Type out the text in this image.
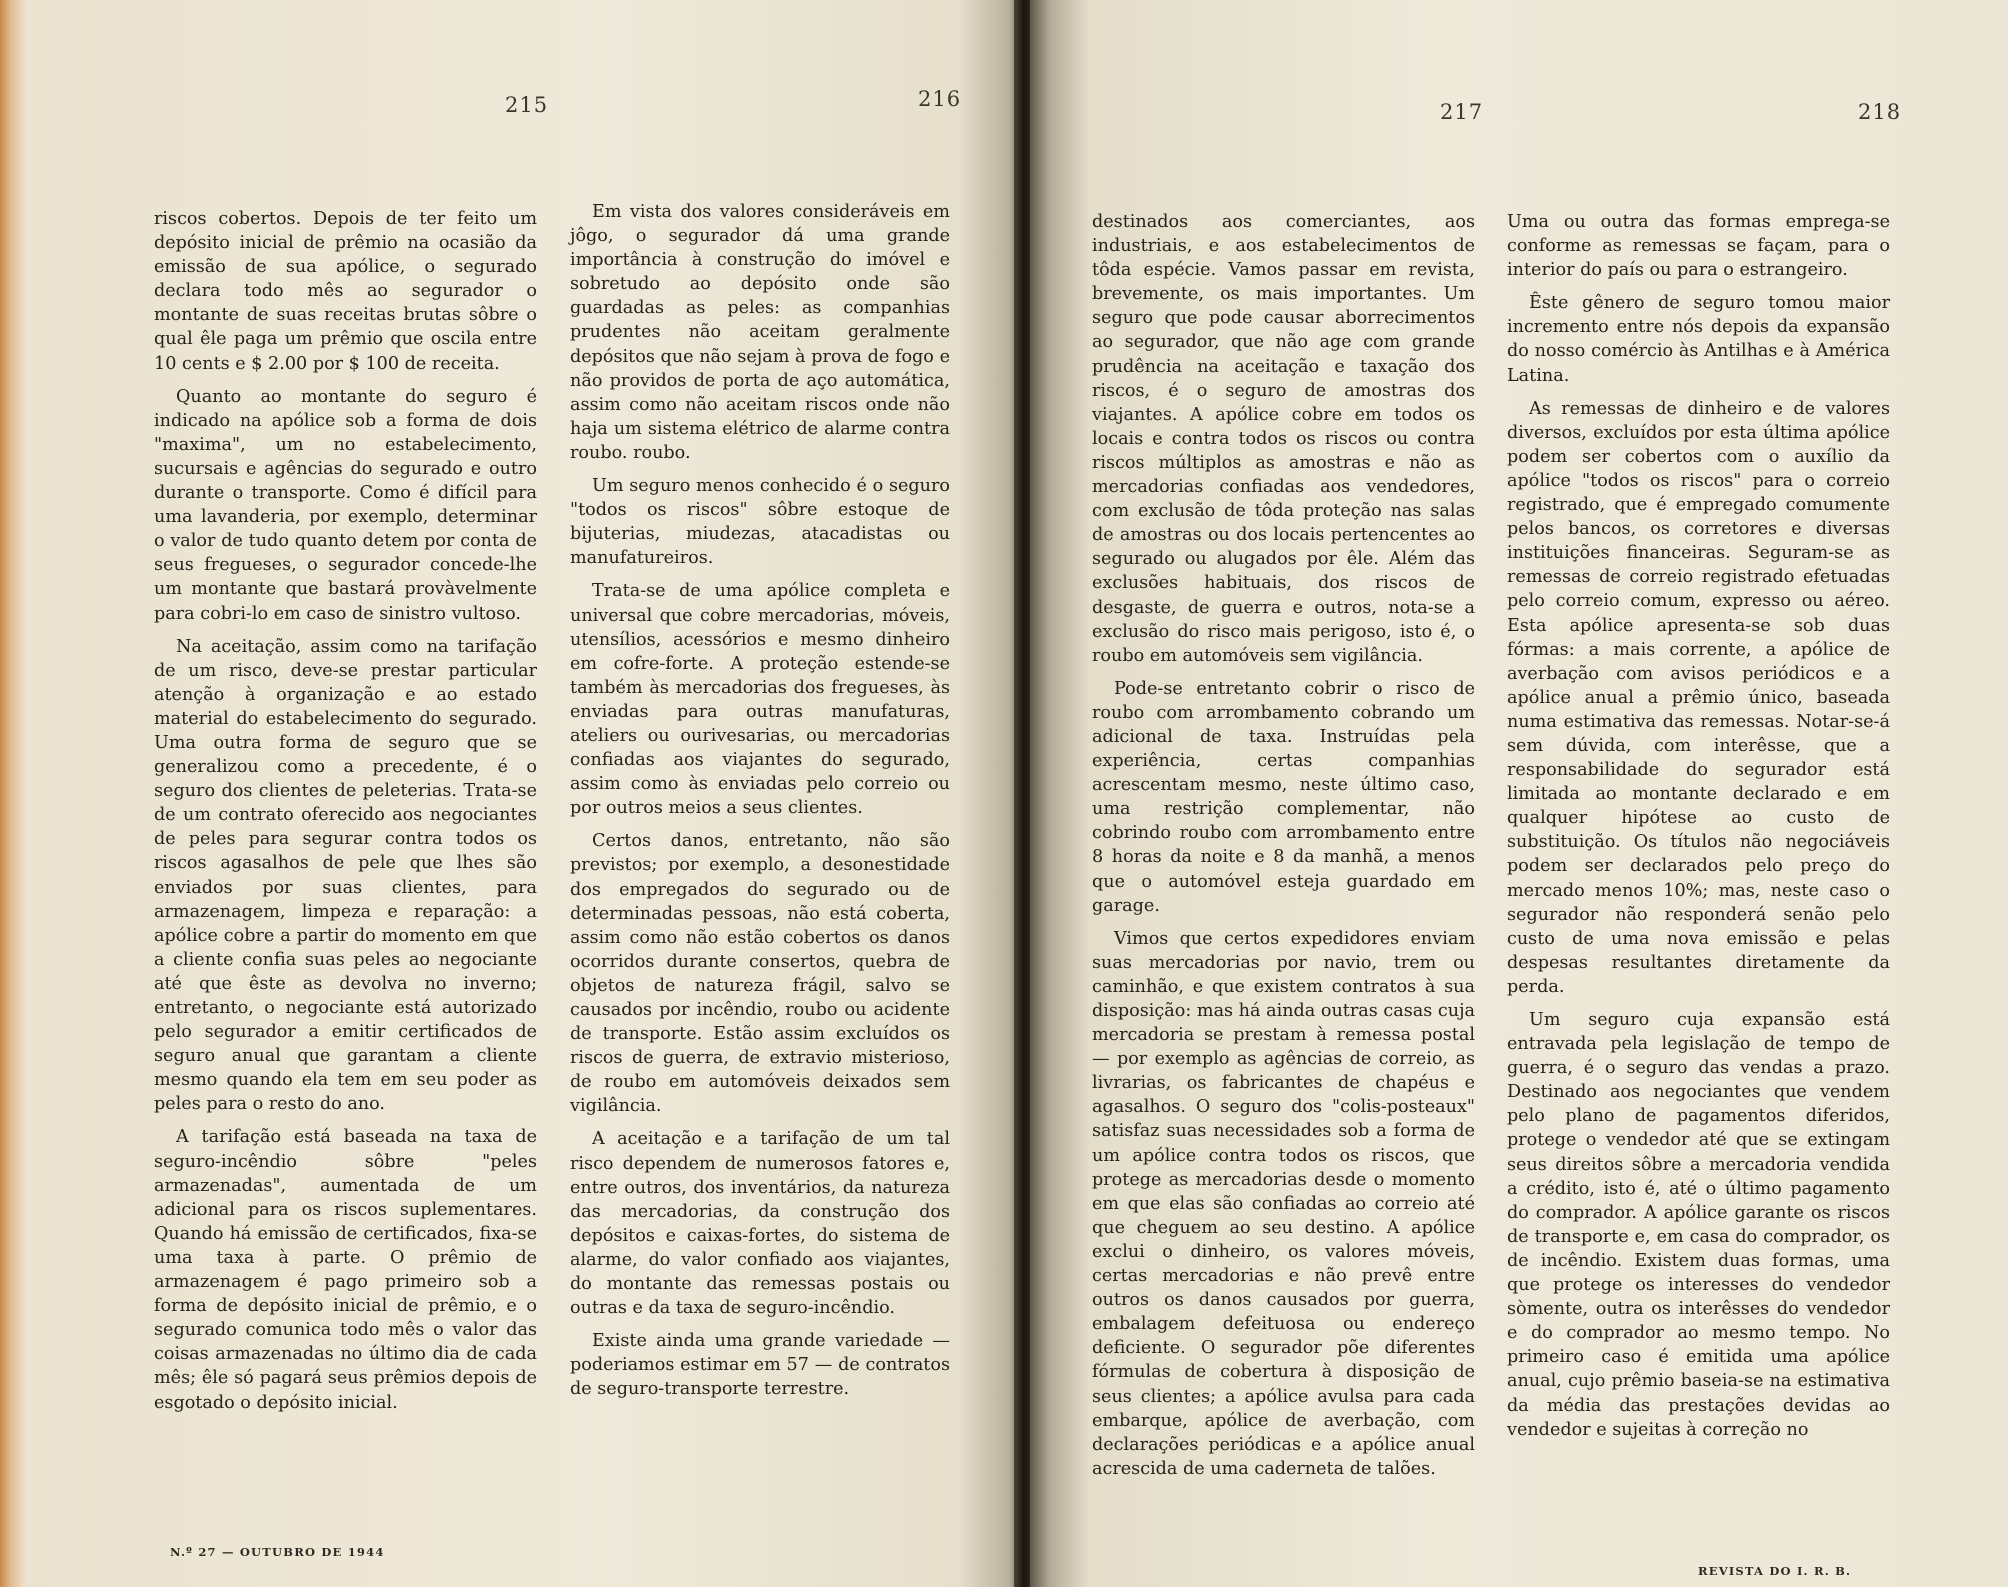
215	216

riscos cobertos. Depois de ter feito um depósito inicial de prêmio na ocasião da emissão de sua apólice, o segurado declara todo mês ao segurador o montante de suas receitas brutas sôbre o qual êle paga um prêmio que oscila entre 10 cents e $ 2.00 por $ 100 de receita.

Quanto ao montante do seguro é indicado na apólice sob a forma de dois "maxima", um no estabelecimento, sucursais e agências do segurado e outro durante o transporte. Como é difícil para uma lavanderia, por exemplo, determinar o valor de tudo quanto detem por conta de seus fregueses, o segurador concede-lhe um montante que bastará provàvelmente para cobri-lo em caso de sinistro vultoso.

Na aceitação, assim como na tarifação de um risco, deve-se prestar particular atenção à organização e ao estado material do estabelecimento do segurado. Uma outra forma de seguro que se generalizou como a precedente, é o seguro dos clientes de peleterias. Trata-se de um contrato oferecido aos negociantes de peles para segurar contra todos os riscos agasalhos de pele que lhes são enviados por suas clientes, para armazenagem, limpeza e reparação: a apólice cobre a partir do momento em que a cliente confia suas peles ao negociante até que êste as devolva no inverno; entretanto, o negociante está autorizado pelo segurador a emitir certificados de seguro anual que garantam a cliente mesmo quando ela tem em seu poder as peles para o resto do ano.

A tarifação está baseada na taxa de seguro-incêndio sôbre "peles armazenadas", aumentada de um adicional para os riscos suplementares. Quando há emissão de certificados, fixa-se uma taxa à parte. O prêmio de armazenagem é pago primeiro sob a forma de depósito inicial de prêmio, e o segurado comunica todo mês o valor das coisas armazenadas no último dia de cada mês; êle só pagará seus prêmios depois de esgotado o depósito inicial.

Em vista dos valores consideráveis em jôgo, o segurador dá uma grande importância à construção do imóvel e sobretudo ao depósito onde são guardadas as peles: as companhias prudentes não aceitam geralmente depósitos que não sejam à prova de fogo e não providos de porta de aço automática, assim como não aceitam riscos onde não haja um sistema elétrico de alarme contra roubo. roubo.

Um seguro menos conhecido é o seguro "todos os riscos" sôbre estoque de bijuterias, miudezas, atacadistas ou manufatureiros.

Trata-se de uma apólice completa e universal que cobre mercadorias, móveis, utensílios, acessórios e mesmo dinheiro em cofre-forte. A proteção estende-se também às mercadorias dos fregueses, às enviadas para outras manufaturas, ateliers ou ourivesarias, ou mercadorias confiadas aos viajantes do segurado, assim como às enviadas pelo correio ou por outros meios a seus clientes.

Certos danos, entretanto, não são previstos; por exemplo, a desonestidade dos empregados do segurado ou de determinadas pessoas, não está coberta, assim como não estão cobertos os danos ocorridos durante consertos, quebra de objetos de natureza frágil, salvo se causados por incêndio, roubo ou acidente de transporte. Estão assim excluídos os riscos de guerra, de extravio misterioso, de roubo em automóveis deixados sem vigilância.

A aceitação e a tarifação de um tal risco dependem de numerosos fatores e, entre outros, dos inventários, da natureza das mercadorias, da construção dos depósitos e caixas-fortes, do sistema de alarme, do valor confiado aos viajantes, do montante das remessas postais ou outras e da taxa de seguro-incêndio.

Existe ainda uma grande variedade — poderiamos estimar em 57 — de contratos de seguro-transporte terrestre.

N.º 27 — OUTUBRO DE 1944
217	218

destinados aos comerciantes, aos industriais, e aos estabelecimentos de tôda espécie. Vamos passar em revista, brevemente, os mais importantes. Um seguro que pode causar aborrecimentos ao segurador, que não age com grande prudência na aceitação e taxação dos riscos, é o seguro de amostras dos viajantes. A apólice cobre em todos os locais e contra todos os riscos ou contra riscos múltiplos as amostras e não as mercadorias confiadas aos vendedores, com exclusão de tôda proteção nas salas de amostras ou dos locais pertencentes ao segurado ou alugados por êle. Além das exclusões habituais, dos riscos de desgaste, de guerra e outros, nota-se a exclusão do risco mais perigoso, isto é, o roubo em automóveis sem vigilância.

Pode-se entretanto cobrir o risco de roubo com arrombamento cobrando um adicional de taxa. Instruídas pela experiência, certas companhias acrescentam mesmo, neste último caso, uma restrição complementar, não cobrindo roubo com arrombamento entre 8 horas da noite e 8 da manhã, a menos que o automóvel esteja guardado em garage.

Vimos que certos expedidores enviam suas mercadorias por navio, trem ou caminhão, e que existem contratos à sua disposição: mas há ainda outras casas cuja mercadoria se prestam à remessa postal — por exemplo as agências de correio, as livrarias, os fabricantes de chapéus e agasalhos. O seguro dos "colis-posteaux" satisfaz suas necessidades sob a forma de um apólice contra todos os riscos, que protege as mercadorias desde o momento em que elas são confiadas ao correio até que cheguem ao seu destino. A apólice exclui o dinheiro, os valores móveis, certas mercadorias e não prevê entre outros os danos causados por guerra, embalagem defeituosa ou endereço deficiente. O segurador põe diferentes fórmulas de cobertura à disposição de seus clientes; a apólice avulsa para cada embarque, apólice de averbação, com declarações periódicas e a apólice anual acrescida de uma caderneta de talões.

Uma ou outra das formas emprega-se conforme as remessas se façam, para o interior do país ou para o estrangeiro.

Êste gênero de seguro tomou maior incremento entre nós depois da expansão do nosso comércio às Antilhas e à América Latina.

As remessas de dinheiro e de valores diversos, excluídos por esta última apólice podem ser cobertos com o auxílio da apólice "todos os riscos" para o correio registrado, que é empregado comumente pelos bancos, os corretores e diversas instituições financeiras. Seguram-se as remessas de correio registrado efetuadas pelo correio comum, expresso ou aéreo. Esta apólice apresenta-se sob duas fórmas: a mais corrente, a apólice de averbação com avisos periódicos e a apólice anual a prêmio único, baseada numa estimativa das remessas. Notar-se-á sem dúvida, com interêsse, que a responsabilidade do segurador está limitada ao montante declarado e em qualquer hipótese ao custo de substituição. Os títulos não negociáveis podem ser declarados pelo preço do mercado menos 10%; mas, neste caso o segurador não responderá senão pelo custo de uma nova emissão e pelas despesas resultantes diretamente da perda.

Um seguro cuja expansão está entravada pela legislação de tempo de guerra, é o seguro das vendas a prazo. Destinado aos negociantes que vendem pelo plano de pagamentos diferidos, protege o vendedor até que se extingam seus direitos sôbre a mercadoria vendida a crédito, isto é, até o último pagamento do comprador. A apólice garante os riscos de transporte e, em casa do comprador, os de incêndio. Existem duas formas, uma que protege os interesses do vendedor sòmente, outra os interêsses do vendedor e do comprador ao mesmo tempo. No primeiro caso é emitida uma apólice anual, cujo prêmio baseia-se na estimativa da média das prestações devidas ao vendedor e sujeitas à correção no

REVISTA DO I. R. B.
